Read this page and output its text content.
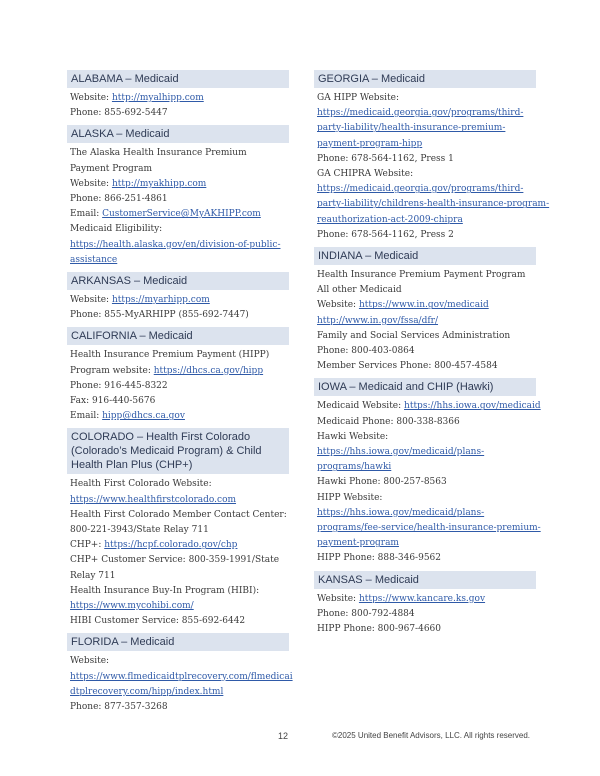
ALABAMA – Medicaid
Website: http://myalhipp.com
Phone: 855-692-5447
ALASKA – Medicaid
The Alaska Health Insurance Premium
Payment Program
Website: http://myakhipp.com
Phone: 866-251-4861
Email: CustomerService@MyAKHIPP.com
Medicaid Eligibility:
https://health.alaska.gov/en/division-of-public-
assistance
ARKANSAS – Medicaid
Website: https://myarhipp.com
Phone: 855-MyARHIPP (855-692-7447)
CALIFORNIA – Medicaid
Health Insurance Premium Payment (HIPP)
Program website: https://dhcs.ca.gov/hipp
Phone: 916-445-8322
Fax: 916-440-5676
Email: hipp@dhcs.ca.gov
COLORADO – Health First Colorado (Colorado’s Medicaid Program) & Child Health Plan Plus (CHP+)
Health First Colorado Website:
https://www.healthfirstcolorado.com
Health First Colorado Member Contact Center:
800-221-3943/State Relay 711
CHP+: https://hcpf.colorado.gov/chp
CHP+ Customer Service: 800-359-1991/State
Relay 711
Health Insurance Buy-In Program (HIBI):
https://www.mycohibi.com/
HIBI Customer Service: 855-692-6442
FLORIDA – Medicaid
Website:
https://www.flmedicaidtplrecovery.com/flmedicai
dtplrecovery.com/hipp/index.html
Phone: 877-357-3268
GEORGIA – Medicaid
GA HIPP Website:
https://medicaid.georgia.gov/programs/third-
party-liability/health-insurance-premium-
payment-program-hipp
Phone: 678-564-1162, Press 1
GA CHIPRA Website:
https://medicaid.georgia.gov/programs/third-
party-liability/childrens-health-insurance-program-
reauthorization-act-2009-chipra
Phone: 678-564-1162, Press 2
INDIANA – Medicaid
Health Insurance Premium Payment Program
All other Medicaid
Website: https://www.in.gov/medicaid
http://www.in.gov/fssa/dfr/
Family and Social Services Administration
Phone: 800-403-0864
Member Services Phone: 800-457-4584
IOWA – Medicaid and CHIP (Hawki)
Medicaid Website: https://hhs.iowa.gov/medicaid
Medicaid Phone: 800-338-8366
Hawki Website:
https://hhs.iowa.gov/medicaid/plans-
programs/hawki
Hawki Phone: 800-257-8563
HIPP Website:
https://hhs.iowa.gov/medicaid/plans-
programs/fee-service/health-insurance-premium-
payment-program
HIPP Phone: 888-346-9562
KANSAS – Medicaid
Website: https://www.kancare.ks.gov
Phone: 800-792-4884
HIPP Phone: 800-967-4660
12	©2025 United Benefit Advisors, LLC. All rights reserved.
